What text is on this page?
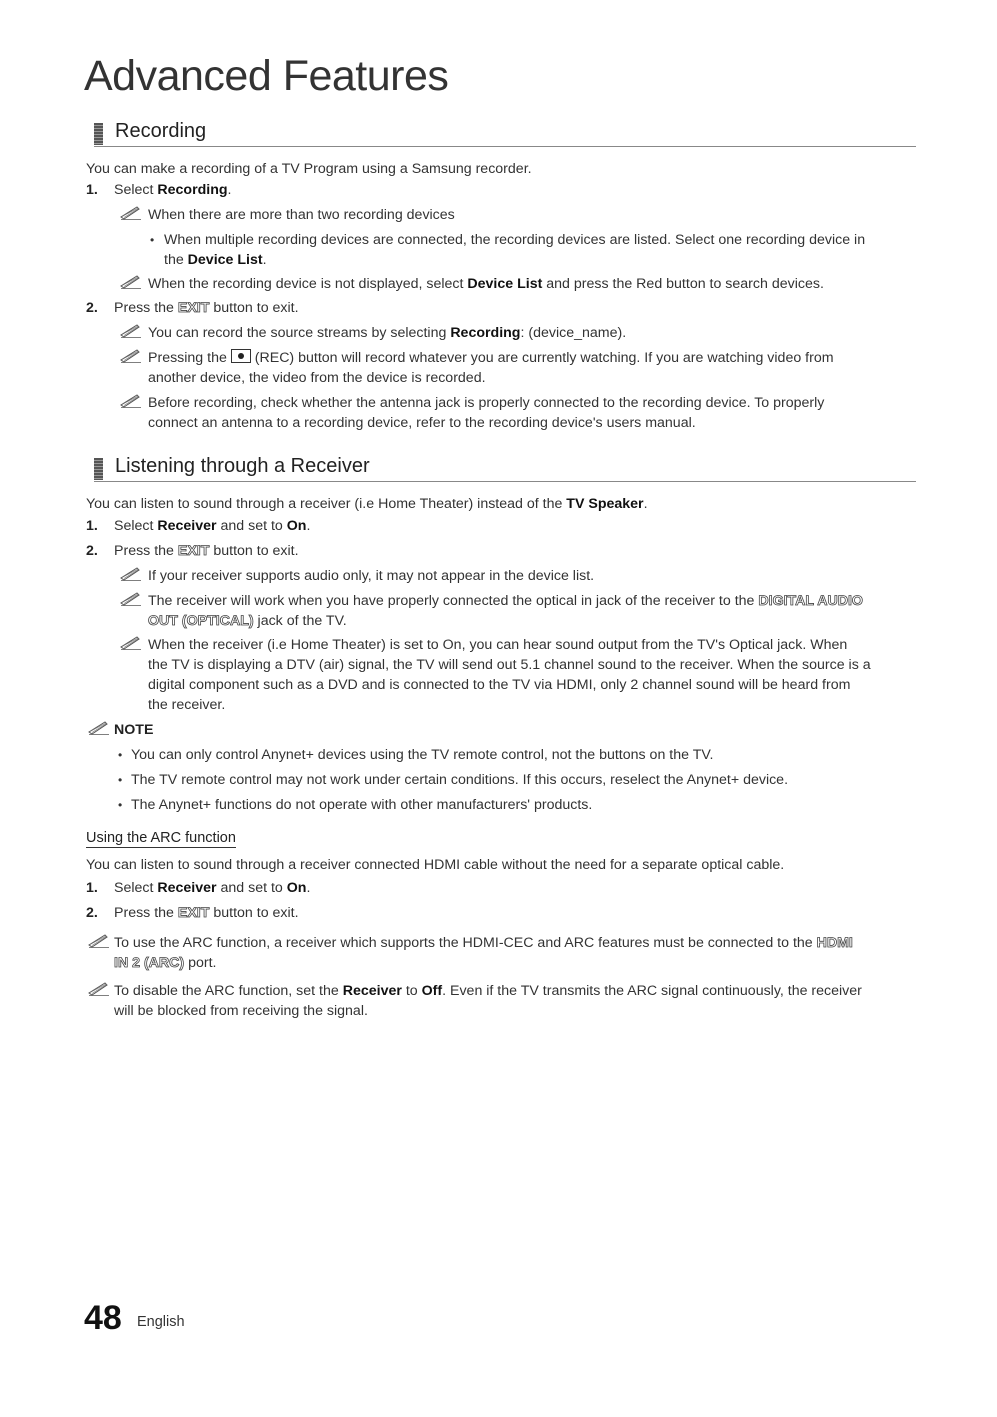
Advanced Features
Recording
You can make a recording of a TV Program using a Samsung recorder.
1. Select Recording.
When there are more than two recording devices
• When multiple recording devices are connected, the recording devices are listed. Select one recording device in
the Device List.
When the recording device is not displayed, select Device List and press the Red button to search devices.
2. Press the EXIT button to exit.
You can record the source streams by selecting Recording: (device_name).
Pressing the  (REC) button will record whatever you are currently watching. If you are watching video from
another device, the video from the device is recorded.
Before recording, check whether the antenna jack is properly connected to the recording device. To properly
connect an antenna to a recording device, refer to the recording device's users manual.
Listening through a Receiver
You can listen to sound through a receiver (i.e Home Theater) instead of the TV Speaker.
1. Select Receiver and set to On.
2. Press the EXIT button to exit.
If your receiver supports audio only, it may not appear in the device list.
The receiver will work when you have properly connected the optical in jack of the receiver to the DIGITAL AUDIO
OUT (OPTICAL) jack of the TV.
When the receiver (i.e Home Theater) is set to On, you can hear sound output from the TV's Optical jack. When
the TV is displaying a DTV (air) signal, the TV will send out 5.1 channel sound to the receiver. When the source is a
digital component such as a DVD and is connected to the TV via HDMI, only 2 channel sound will be heard from
the receiver.
NOTE
• You can only control Anynet+ devices using the TV remote control, not the buttons on the TV.
• The TV remote control may not work under certain conditions. If this occurs, reselect the Anynet+ device.
• The Anynet+ functions do not operate with other manufacturers' products.
Using the ARC function
You can listen to sound through a receiver connected HDMI cable without the need for a separate optical cable.
1. Select Receiver and set to On.
2. Press the EXIT button to exit.
To use the ARC function, a receiver which supports the HDMI-CEC and ARC features must be connected to the HDMI
IN 2 (ARC) port.
To disable the ARC function, set the Receiver to Off. Even if the TV transmits the ARC signal continuously, the receiver
will be blocked from receiving the signal.
48 English
